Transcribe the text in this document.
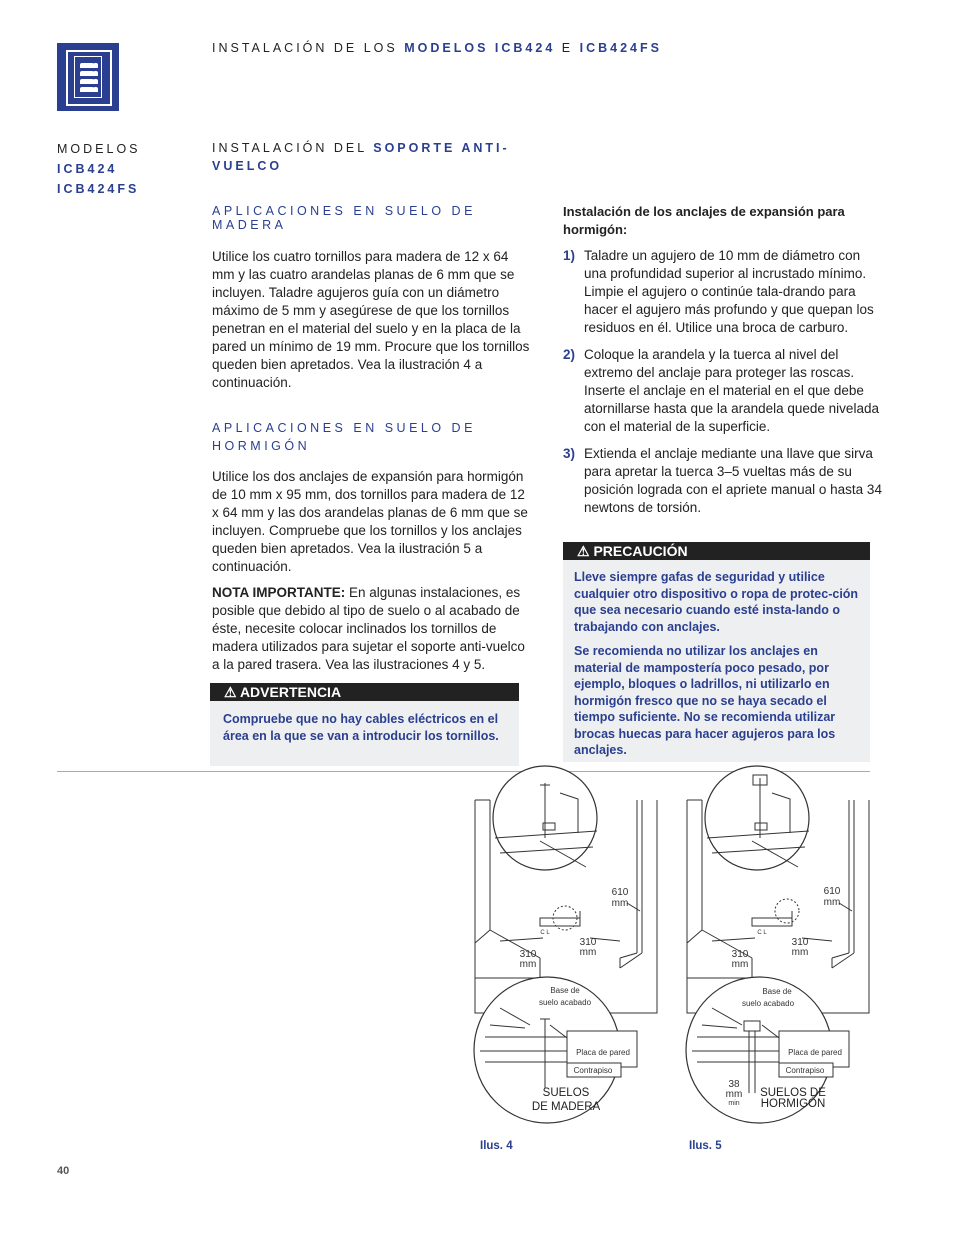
INSTALACIÓN DE LOS MODELOS ICB424 E ICB424FS
MODELOS
ICB424
ICB424FS
INSTALACIÓN DEL SOPORTE ANTI-
VUELCO
APLICACIONES EN SUELO DE MADERA

Utilice los cuatro tornillos para madera de 12 x 64 mm y las cuatro arandelas planas de 6 mm que se incluyen. Taladre agujeros guía con un diámetro máximo de 5 mm y asegúrese de que los tornillos penetran en el material del suelo y en la placa de la pared un mínimo de 19 mm. Procure que los tornillos queden bien apretados. Vea la ilustración 4 a continuación.

APLICACIONES EN SUELO DE
HORMIGÓN

Utilice los dos anclajes de expansión para hormigón de 10 mm x 95 mm, dos tornillos para madera de 12 x 64 mm y las dos arandelas planas de 6 mm que se incluyen. Compruebe que los tornillos y los anclajes queden bien apretados. Vea la ilustración 5 a continuación.

NOTA IMPORTANTE: En algunas instalaciones, es posible que debido al tipo de suelo o al acabado de éste, necesite colocar inclinados los tornillos de madera utilizados para sujetar el soporte anti-vuelco a la pared trasera. Vea las ilustraciones 4 y 5.

⚠ ADVERTENCIA
Compruebe que no hay cables eléctricos en el área en la que se van a introducir los tornillos.
Instalación de los anclajes de expansión para hormigón:
1) Taladre un agujero de 10 mm de diámetro con una profundidad superior al incrustado mínimo. Limpie el agujero o continúe tala-drando para hacer el agujero más profundo y que quepan los residuos en él. Utilice una broca de carburo.
2) Coloque la arandela y la tuerca al nivel del extremo del anclaje para proteger las roscas. Inserte el anclaje en el material en el que debe atornillarse hasta que la arandela quede nivelada con el material de la superficie.
3) Extienda el anclaje mediante una llave que sirva para apretar la tuerca 3–5 vueltas más de su posición lograda con el apriete manual o hasta 34 newtons de torsión.
⚠ PRECAUCIÓN
Lleve siempre gafas de seguridad y utilice cualquier otro dispositivo o ropa de protec-ción que sea necesario cuando esté insta-lando o trabajando con anclajes.
Se recomienda no utilizar los anclajes en material de mampostería poco pesado, por ejemplo, bloques o ladrillos, ni utilizarlo en hormigón fresco que no se haya secado el tiempo suficiente. No se recomienda utilizar brocas huecas para hacer agujeros para los anclajes.
610
mm
310
mm
310
mm
C L
Base de
suelo acabado
Placa de pared
Contrapiso
SUELOS
DE MADERA
610
mm
310
mm
310
mm
C L
Base de
suelo acabado
Placa de pared
Contrapiso
38
mm
min
SUELOS DE
HORMIGÓN
Ilus. 4	Ilus. 5
40
